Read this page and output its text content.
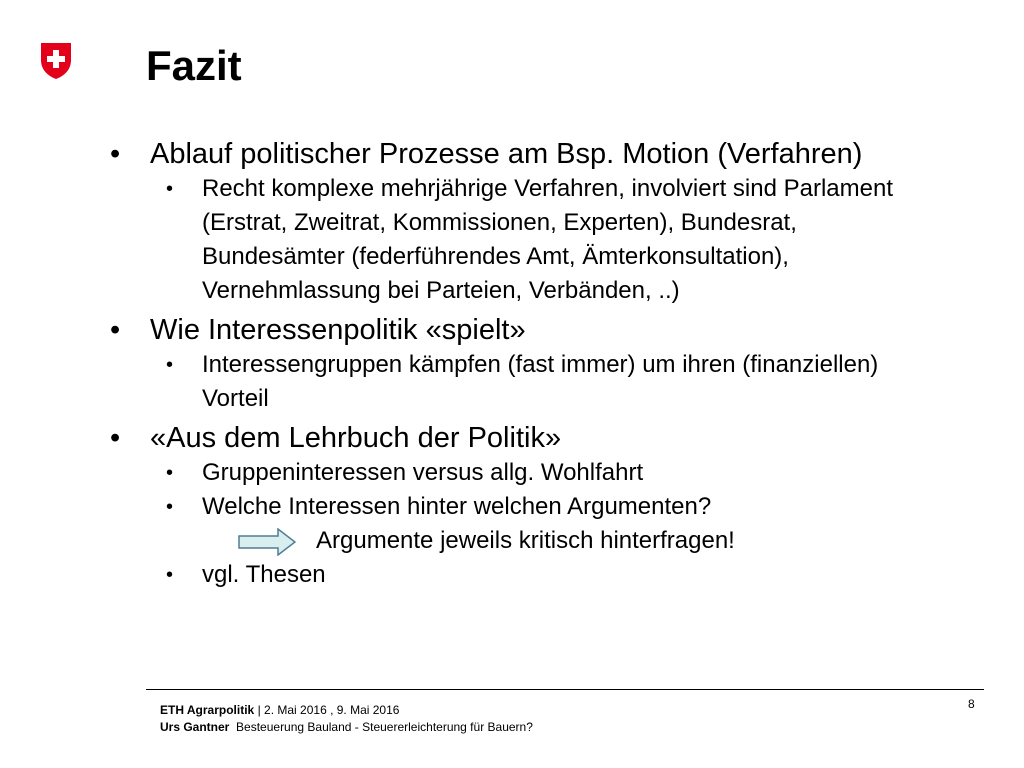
Fazit
• Ablauf politischer Prozesse am Bsp. Motion (Verfahren)
• Recht komplexe mehrjährige Verfahren, involviert sind Parlament (Erstrat, Zweitrat, Kommissionen, Experten), Bundesrat, Bundesämter (federführendes Amt, Ämterkonsultation), Vernehmlassung bei Parteien, Verbänden, ..)
• Wie Interessenpolitik «spielt»
• Interessengruppen kämpfen (fast immer) um ihren (finanziellen) Vorteil
• «Aus dem Lehrbuch der Politik»
• Gruppeninteressen versus allg. Wohlfahrt
• Welche Interessen hinter welchen Argumenten?
Argumente jeweils kritisch hinterfragen!
• vgl. Thesen
ETH Agrarpolitik | 2. Mai 2016 , 9. Mai 2016
Urs Gantner Besteuerung Bauland - Steuererleichterung für Bauern?
8
